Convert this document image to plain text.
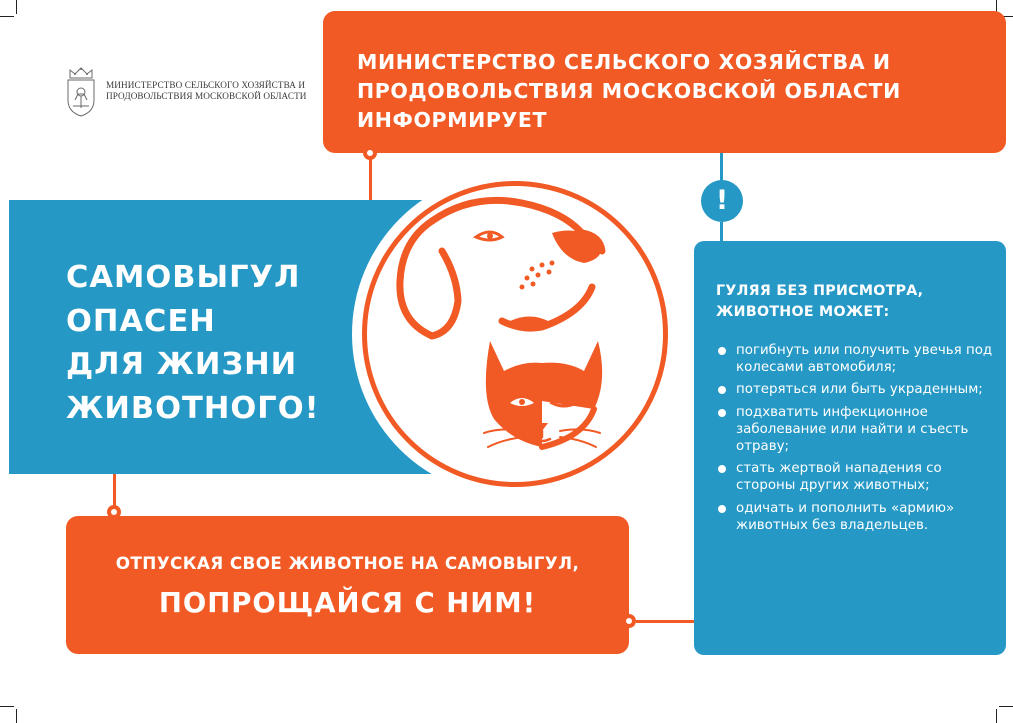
МИНИСТЕРСТВО СЕЛЬСКОГО ХОЗЯЙСТВА И ПРОДОВОЛЬСТВИЯ МОСКОВСКОЙ ОБЛАСТИ
МИНИСТЕРСТВО СЕЛЬСКОГО ХОЗЯЙСТВА И ПРОДОВОЛЬСТВИЯ МОСКОВСКОЙ ОБЛАСТИ ИНФОРМИРУЕТ
!
САМОВЫГУЛ
ОПАСЕН
ДЛЯ ЖИЗНИ
ЖИВОТНОГО!
ГУЛЯЯ БЕЗ ПРИСМОТРА, ЖИВОТНОЕ МОЖЕТ:
погибнуть или получить увечья под колесами автомобиля;
потеряться или быть украденным;
подхватить инфекционное заболевание или найти и съесть отраву;
стать жертвой нападения со стороны других животных;
одичать и пополнить «армию» животных без владельцев.
ОТПУСКАЯ СВОЕ ЖИВОТНОЕ НА САМОВЫГУЛ,
ПОПРОЩАЙСЯ С НИМ!
